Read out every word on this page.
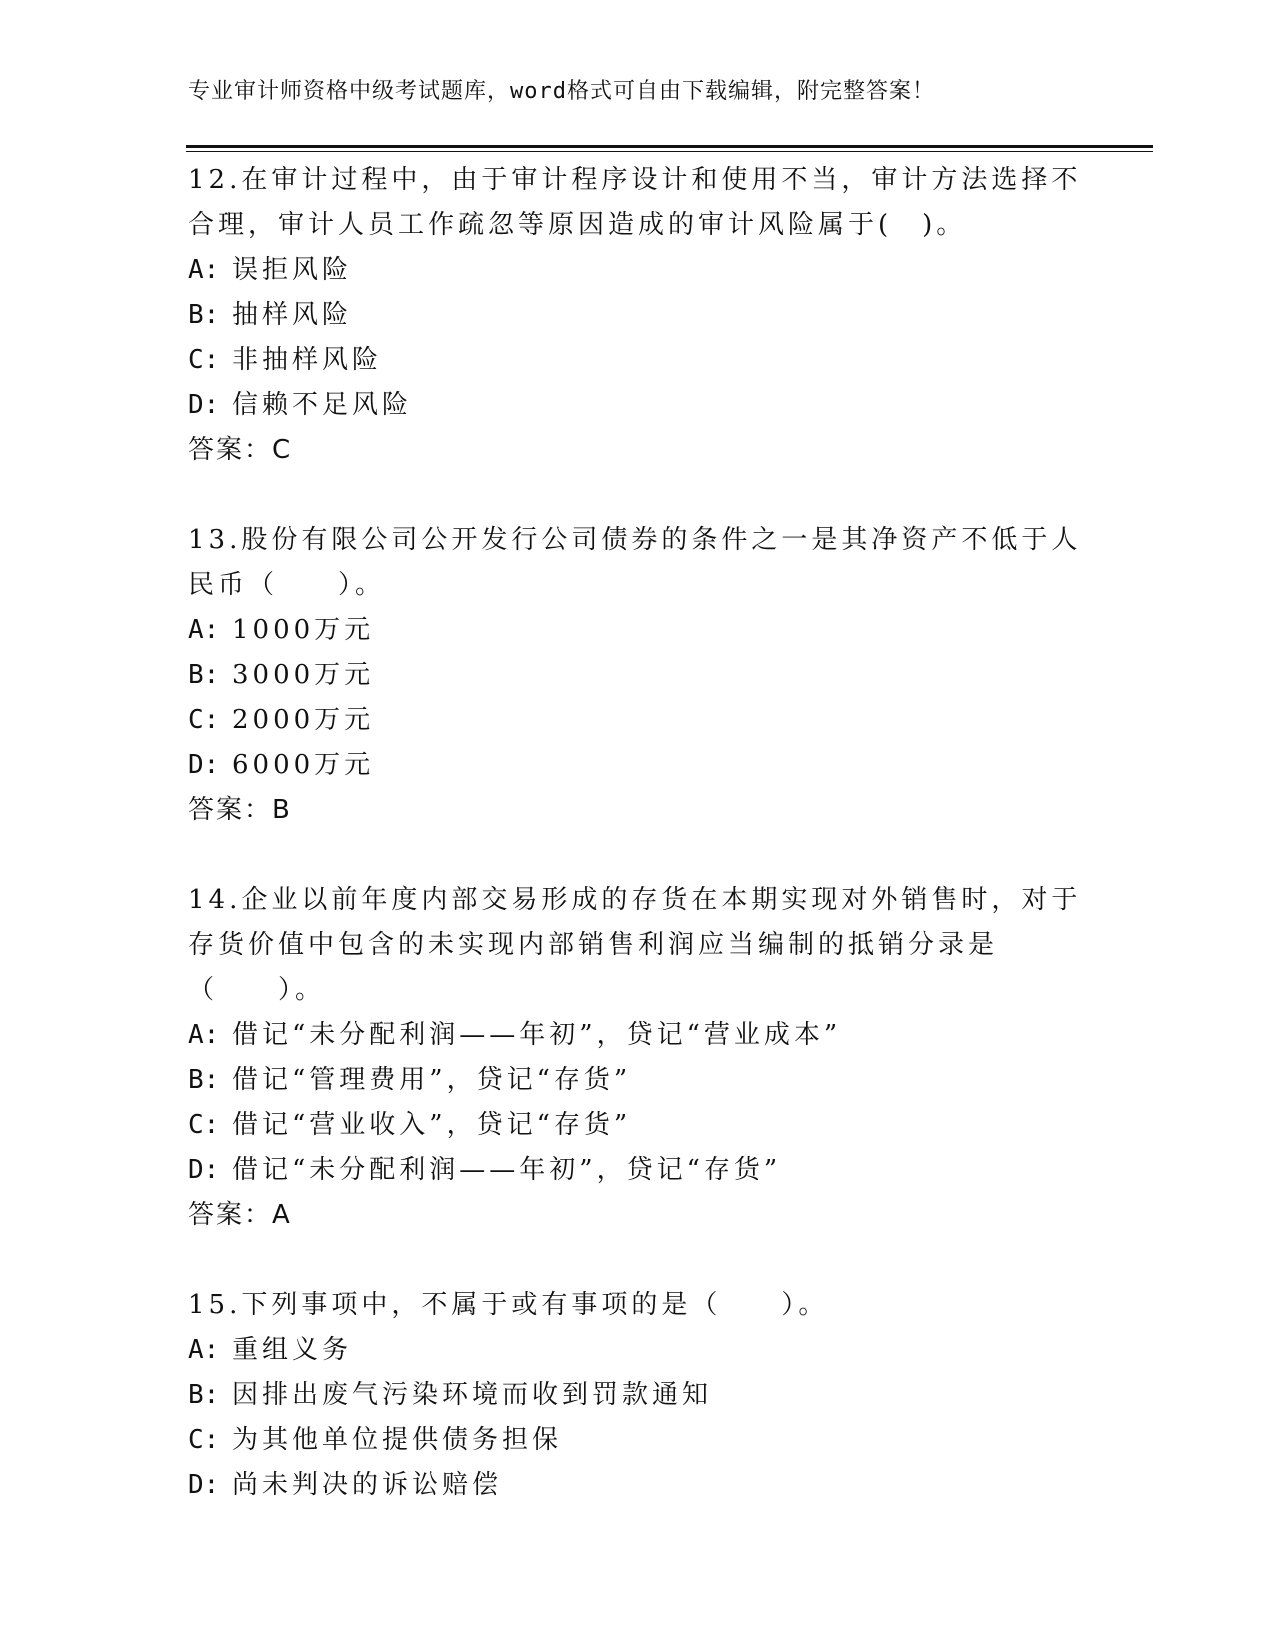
专业审计师资格中级考试题库，word格式可自由下载编辑，附完整答案！

12.在审计过程中，由于审计程序设计和使用不当，审计方法选择不合理，审计人员工作疏忽等原因造成的审计风险属于(　)。

A: 误拒风险

B: 抽样风险

C: 非抽样风险

D: 信赖不足风险

答案：C

13.股份有限公司公开发行公司债券的条件之一是其净资产不低于人民币（　　）。

A: 1000万元

B: 3000万元

C: 2000万元

D: 6000万元

答案：B

14.企业以前年度内部交易形成的存货在本期实现对外销售时，对于存货价值中包含的未实现内部销售利润应当编制的抵销分录是（　　）。

A: 借记“未分配利润——年初”，贷记“营业成本”

B: 借记“管理费用”，贷记“存货”

C: 借记“营业收入”，贷记“存货”

D: 借记“未分配利润——年初”，贷记“存货”

答案：A

15.下列事项中，不属于或有事项的是（　　）。

A: 重组义务

B: 因排出废气污染环境而收到罚款通知

C: 为其他单位提供债务担保

D: 尚未判决的诉讼赔偿
